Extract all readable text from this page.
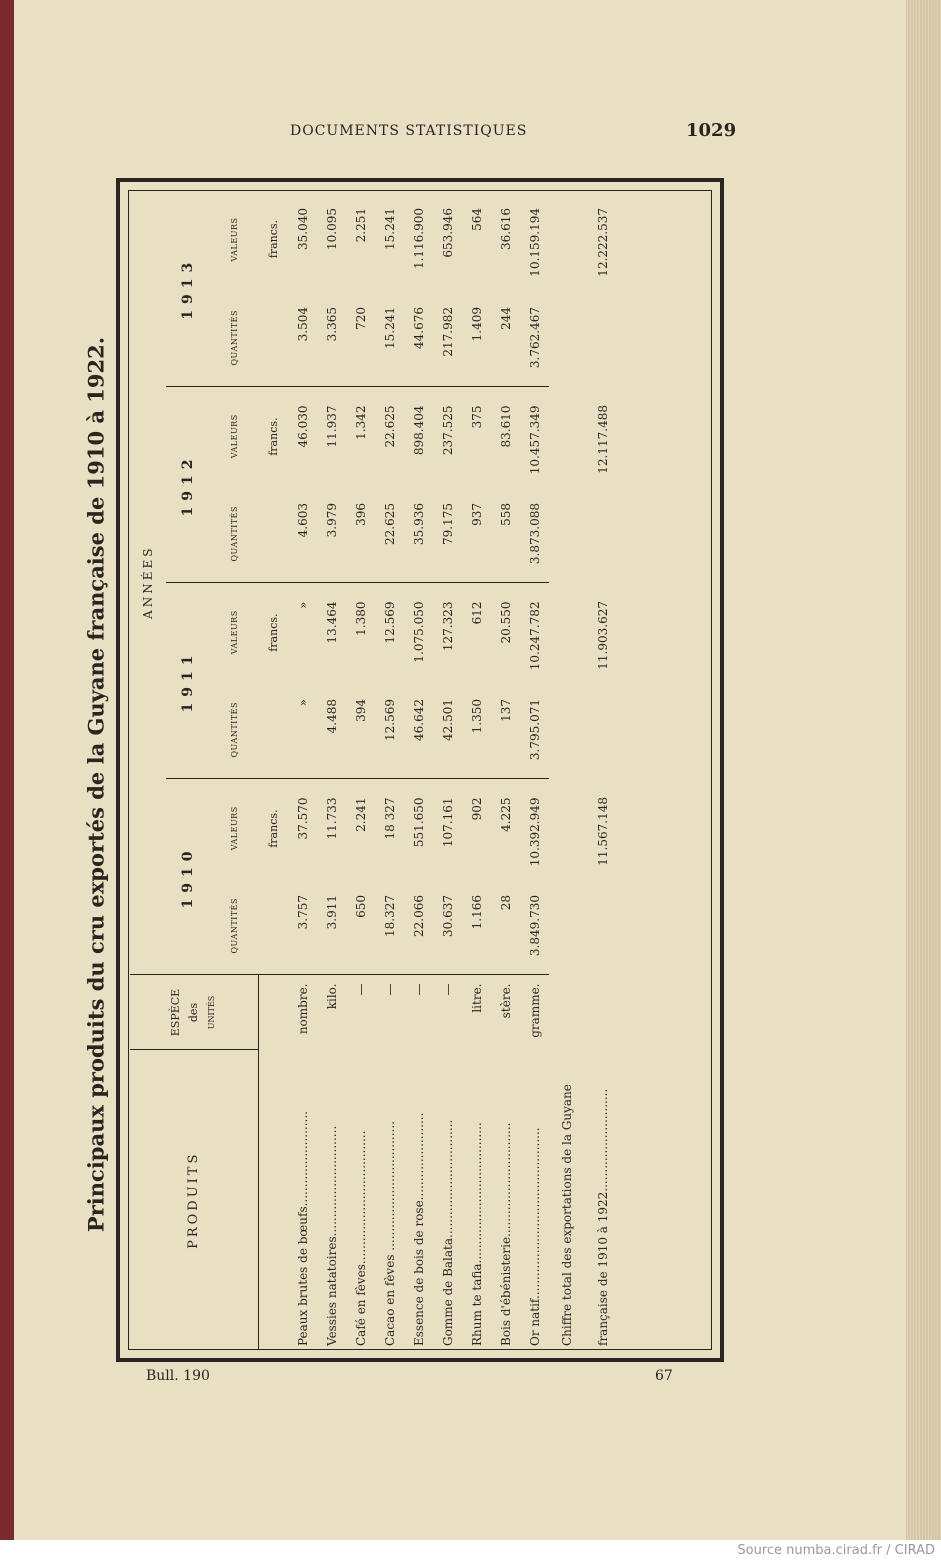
DOCUMENTS STATISTIQUES	1029
Principaux produits du cru exportés de la Guyane française de 1910 à 1922.	PRODUITS	ESPÈCE des UNITÉS	ANNÉES							
		1910		1911		1912		1913	
		QUANTITÉS	VALEURS	QUANTITÉS	VALEURS	QUANTITÉS	VALEURS	QUANTITÉS	VALEURS
			francs.		francs.		francs.		francs.
Peaux brutes de bœufs.........................	nombre.	3.757	37.570	»	»	4.603	46.030	3.504	35.040
Vessies natatoires.............................	kilo.	3.911	11.733	4.488	13.464	3.979	11.937	3.365	10.095
Café en fèves...................................	—	650	2.241	394	1.380	396	1.342	720	2.251
Cacao en fèves ..................................	—	18.327	18 327	12.569	12.569	22.625	22.625	15.241	15.241
Essence de bois de rose.......................	—	22.066	551.650	46.642	1.075.050	35.936	898.404	44.676	1.116.900
Gomme de Balata...............................	—	30.637	107.161	42.501	127.323	79.175	237.525	217.982	653.946
Rhum te tafia.....................................	litre.	1.166	902	1.350	612	937	375	1.409	564
Bois d'ébénisterie..............................	stère.	28	4.225	137	20.550	558	83.610	244	36.616
Or natif.............................................	gramme.	3.849.730	10.392.949	3.795.071	10.247.782	3.873.088	10.457.349	3.762.467	10.159.194
Chiffre total des exportations de la Guyane									
française de 1910 à 1922...........................		11.567.148		11.903.627		12.117.488		12.222.537	
Bull. 190	67
Source numba.cirad.fr / CIRAD
